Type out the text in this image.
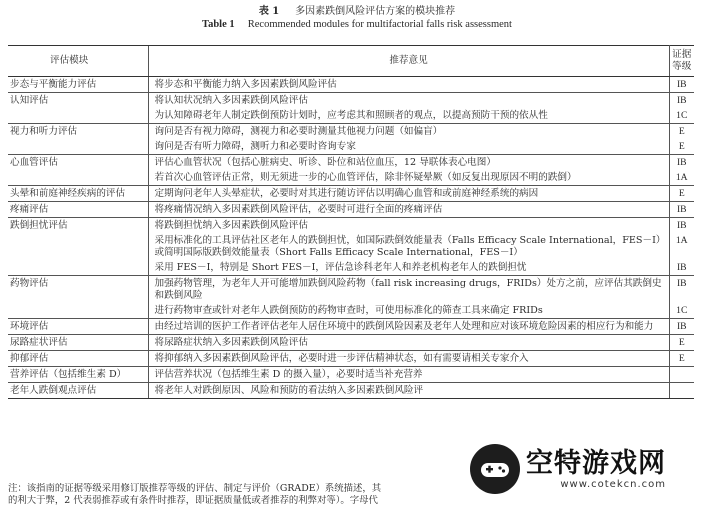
表 1 多因素跌倒风险评估方案的模块推荐
Table 1 Recommended modules for multifactorial falls risk assessment
评估模块	推荐意见	证据等级
步态与平衡能力评估	将步态和平衡能力纳入多因素跌倒风险评估	IB
认知评估	将认知状况纳入多因素跌倒风险评估	IB
	为认知障碍老年人制定跌倒预防计划时，应考虑其和照顾者的观点，以提高预防干预的依从性	1C
视力和听力评估	询问是否有视力障碍，测视力和必要时测量其他视力问题（如偏盲）	E
	询问是否有听力障碍，测听力和必要时咨询专家	E
心血管评估	评估心血管状况（包括心脏病史、听诊、卧位和站位血压，12 导联体表心电图）	IB
	若首次心血管评估正常，则无须进一步的心血管评估，除非怀疑晕厥（如反复出现原因不明的跌倒）	1A
头晕和前庭神经疾病的评估	定期询问老年人头晕症状，必要时对其进行随访评估以明确心血管和或前庭神经系统的病因	E
疼痛评估	将疼痛情况纳入多因素跌倒风险评估，必要时可进行全面的疼痛评估	IB
跌倒担忧评估	将跌倒担忧纳入多因素跌倒风险评估	IB
	采用标准化的工具评估社区老年人的跌倒担忧，如国际跌倒效能量表（Falls Efficacy Scale International，FES－Ⅰ）或简明国际版跌倒效能量表（Short Falls Efficacy Scale International，FES－Ⅰ）	1A
	采用 FES－Ⅰ，特别是 Short FES－Ⅰ，评估急诊科老年人和养老机构老年人的跌倒担忧	IB
药物评估	加强药物管理，为老年人开可能增加跌倒风险药物（fall risk increasing drugs，FRIDs）处方之前，应评估其跌倒史和跌倒风险	IB
	进行药物审查或针对老年人跌倒预防的药物审查时，可使用标准化的筛查工具来确定 FRIDs	1C
环境评估	由经过培训的医护工作者评估老年人居住环境中的跌倒风险因素及老年人处理和应对该环境危险因素的相应行为和能力	IB
尿路症状评估	将尿路症状纳入多因素跌倒风险评估	E
抑郁评估	将抑郁纳入多因素跌倒风险评估，必要时进一步评估精神状态，如有需要请相关专家介入	E
营养评估（包括维生素 D）	评估营养状况（包括维生素 D 的摄入量），必要时适当补充营养	
老年人跌倒观点评估	将老年人对跌倒原因、风险和预防的看法纳入多因素跌倒风险评	
注：该指南的证据等级采用修订版推荐等级的评估、制定与评价（GRADE）系统描述，其
的利大于弊，2 代表弱推荐或有条件时推荐，即证据质量低或者推荐的利弊对等）。字母代
空特游戏网
www.cotekcn.com
